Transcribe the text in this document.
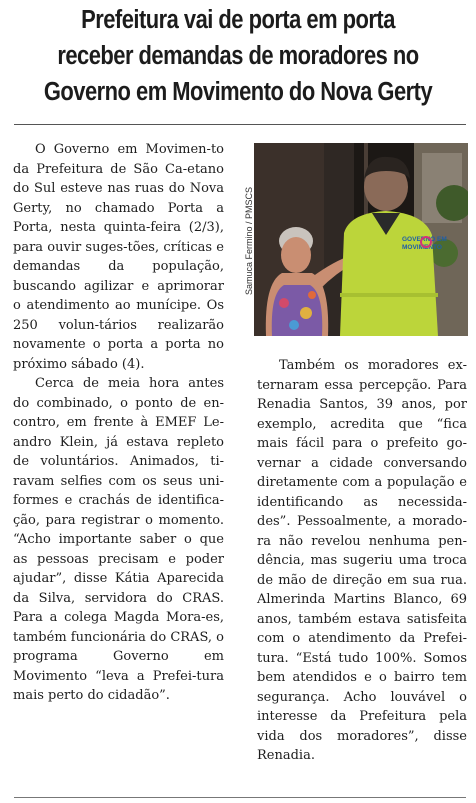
Prefeitura vai de porta em porta
receber demandas de moradores no
Governo em Movimento do Nova Gerty

O Governo em Movimen-to da Prefeitura de São Ca-etano do Sul esteve nas ruas do Nova Gerty, no chamado Porta a Porta, nesta quinta-feira (2/3), para ouvir suges-tões, críticas e demandas da população, buscando agilizar e aprimorar o atendimento ao munícipe. Os 250 volun-tários realizarão novamente o porta a porta no próximo sábado (4).

Cerca de meia hora antes do combinado, o ponto de en-contro, em frente à EMEF Le-andro Klein, já estava repleto de voluntários. Animados, ti-ravam selfies com os seus uni-formes e crachás de identifica-ção, para registrar o momento. “Acho importante saber o que as pessoas precisam e poder ajudar”, disse Kátia Aparecida da Silva, servidora do CRAS. Para a colega Magda Mora-es, também funcionária do CRAS, o programa Governo em Movimento “leva a Prefei-tura mais perto do cidadão”.

Samuca Fermino / PMSCS	GOVERNO EM
MOVIMENTO

Também os moradores ex-ternaram essa percepção. Para Renadia Santos, 39 anos, por exemplo, acredita que “fica mais fácil para o prefeito go-vernar a cidade conversando diretamente com a população e identificando as necessida-des”. Pessoalmente, a morado-ra não revelou nenhuma pen-dência, mas sugeriu uma troca de mão de direção em sua rua. Almerinda Martins Blanco, 69 anos, também estava satisfeita com o atendimento da Prefei-tura. “Está tudo 100%. Somos bem atendidos e o bairro tem segurança. Acho louvável o interesse da Prefeitura pela vida dos moradores”, disse Renadia.
